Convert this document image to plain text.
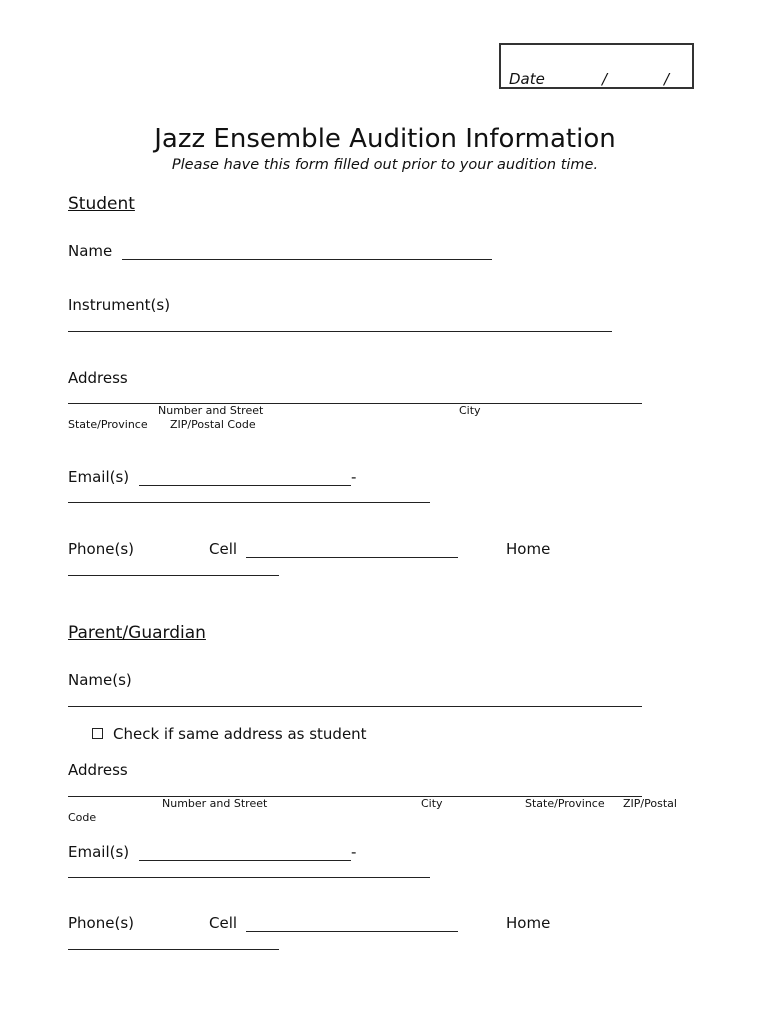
Date	/	/
Jazz Ensemble Audition Information
Please have this form filled out prior to your audition time.
Student
Name
Instrument(s)
Address
Number and Street	City
State/Province ZIP/Postal Code
Email(s)	-
Phone(s)	Cell	Home
Parent/Guardian
Name(s)
Check if same address as student
Address
Number and Street	City	State/Province ZIP/Postal
Code
Email(s)	-
Phone(s)	Cell	Home
